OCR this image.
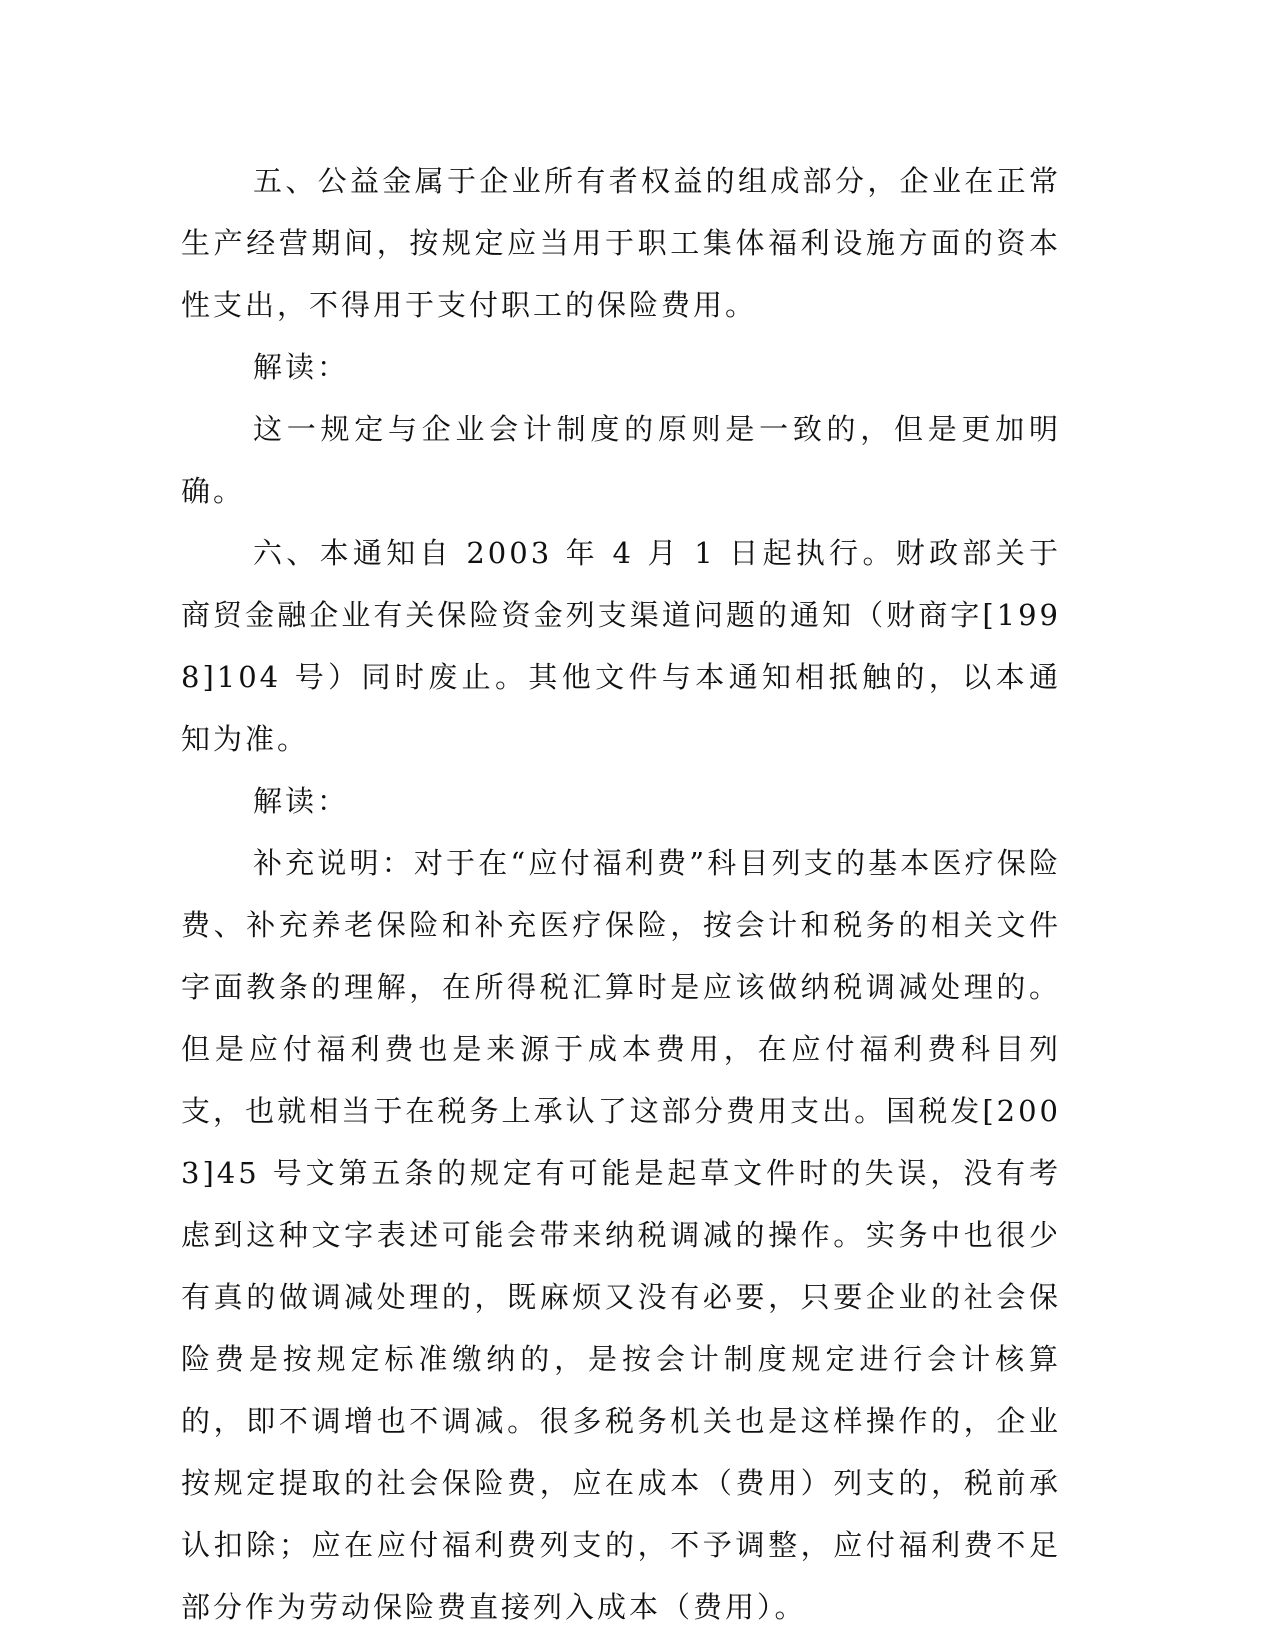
五、公益金属于企业所有者权益的组成部分，企业在正常生产经营期间，按规定应当用于职工集体福利设施方面的资本性支出，不得用于支付职工的保险费用。

解读：

这一规定与企业会计制度的原则是一致的，但是更加明确。

六、本通知自 2003 年 4 月 1 日起执行。财政部关于商贸金融企业有关保险资金列支渠道问题的通知（财商字[1998]104 号）同时废止。其他文件与本通知相抵触的，以本通知为准。

解读：

补充说明：对于在“应付福利费”科目列支的基本医疗保险费、补充养老保险和补充医疗保险，按会计和税务的相关文件字面教条的理解，在所得税汇算时是应该做纳税调减处理的。但是应付福利费也是来源于成本费用，在应付福利费科目列支，也就相当于在税务上承认了这部分费用支出。国税发[2003]45 号文第五条的规定有可能是起草文件时的失误，没有考虑到这种文字表述可能会带来纳税调减的操作。实务中也很少有真的做调减处理的，既麻烦又没有必要，只要企业的社会保险费是按规定标准缴纳的，是按会计制度规定进行会计核算的，即不调增也不调减。很多税务机关也是这样操作的，企业按规定提取的社会保险费，应在成本（费用）列支的，税前承认扣除；应在应付福利费列支的，不予调整，应付福利费不足部分作为劳动保险费直接列入成本（费用）。
